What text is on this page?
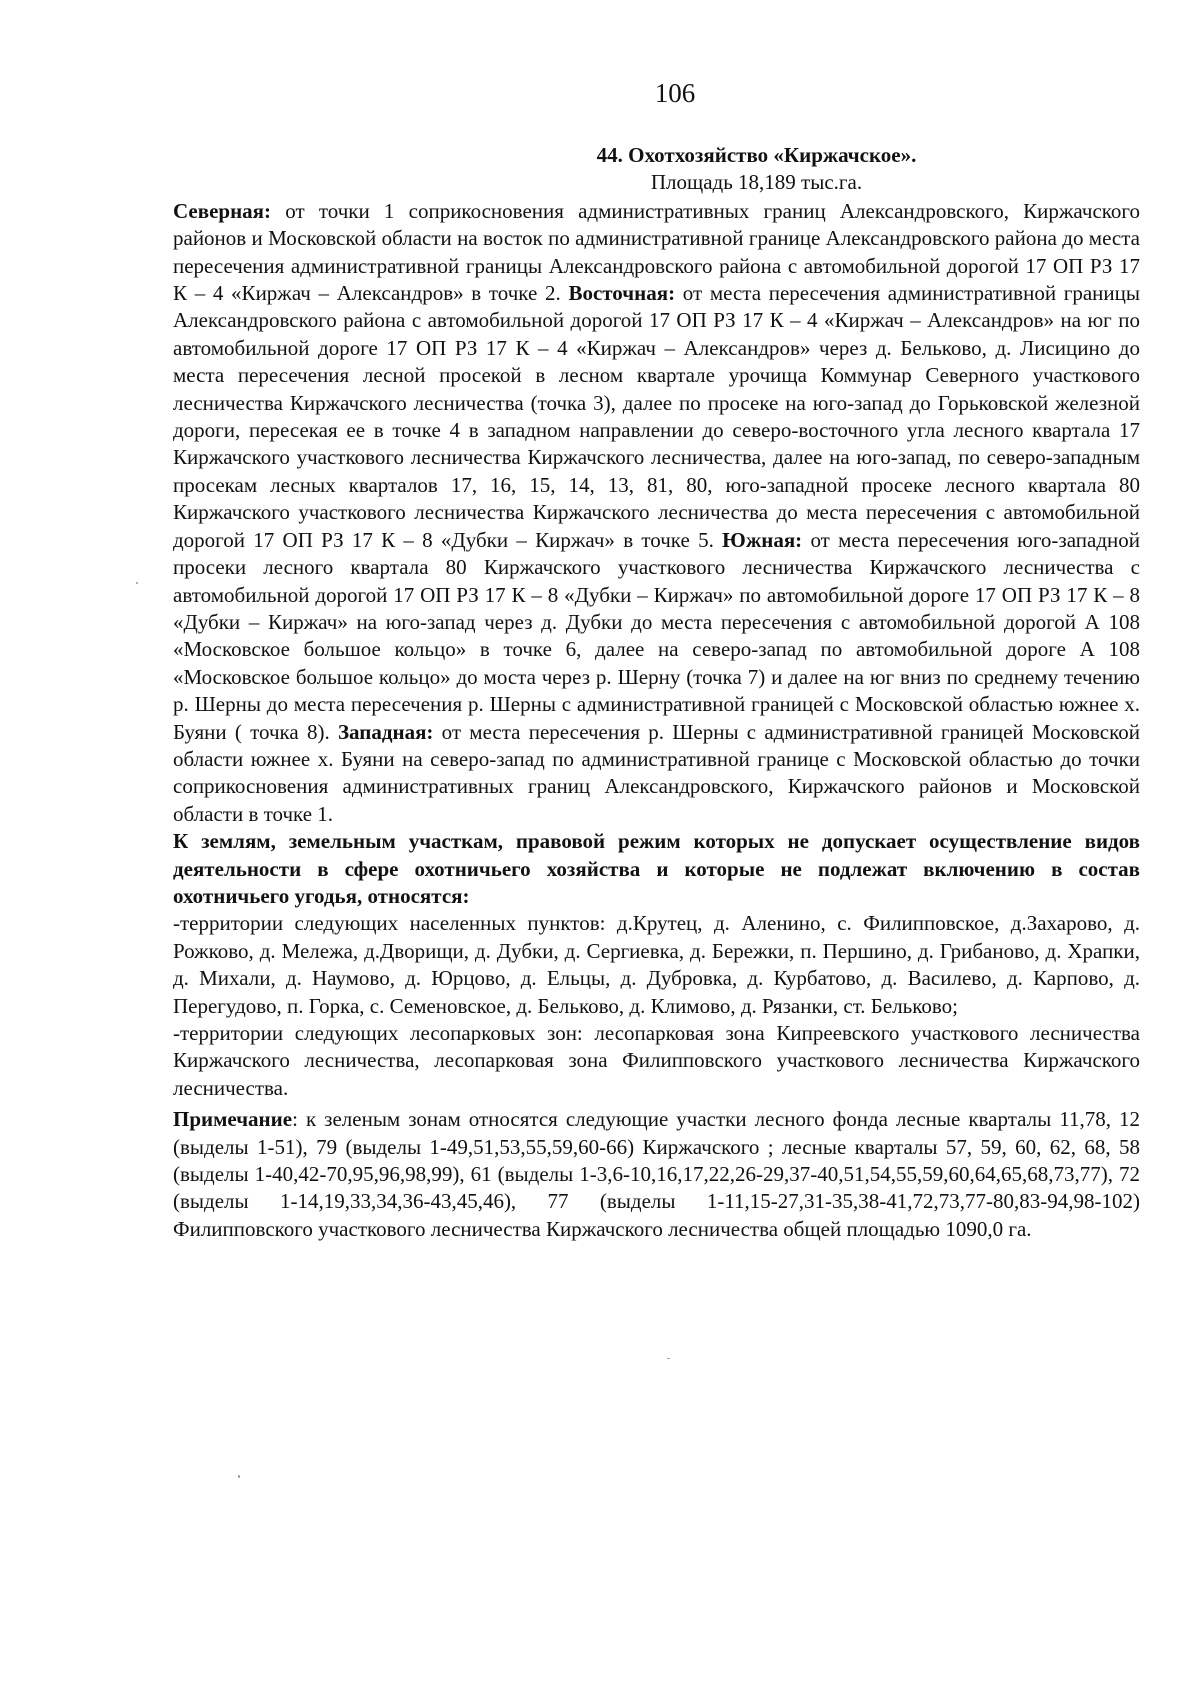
106

44. Охотхозяйство «Киржачское».

Площадь 18,189 тыс.га.

Северная: от точки 1 соприкосновения административных границ Александровского, Киржачского районов и Московской области на восток по административной границе Александровского района до места пересечения административной границы Александровского района с автомобильной дорогой 17 ОП РЗ 17 К – 4 «Киржач – Александров» в точке 2. Восточная: от места пересечения административной границы Александровского района с автомобильной дорогой 17 ОП РЗ 17 К – 4 «Киржач – Александров» на юг по автомобильной дороге 17 ОП РЗ 17 К – 4 «Киржач – Александров» через д. Бельково, д. Лисицино до места пересечения лесной просекой в лесном квартале урочища Коммунар Северного участкового лесничества Киржачского лесничества (точка 3), далее по просеке на юго-запад до Горьковской железной дороги, пересекая ее в точке 4 в западном направлении до северо-восточного угла лесного квартала 17 Киржачского участкового лесничества Киржачского лесничества, далее на юго-запад, по северо-западным просекам лесных кварталов 17, 16, 15, 14, 13, 81, 80, юго-западной просеке лесного квартала 80 Киржачского участкового лесничества Киржачского лесничества до места пересечения с автомобильной дорогой 17 ОП РЗ 17 К – 8 «Дубки – Киржач» в точке 5. Южная: от места пересечения юго-западной просеки лесного квартала 80 Киржачского участкового лесничества Киржачского лесничества с автомобильной дорогой 17 ОП РЗ 17 К – 8 «Дубки – Киржач» по автомобильной дороге 17 ОП РЗ 17 К – 8 «Дубки – Киржач» на юго-запад через д. Дубки до места пересечения с автомобильной дорогой А 108 «Московское большое кольцо» в точке 6, далее на северо-запад по автомобильной дороге А 108 «Московское большое кольцо» до моста через р. Шерну (точка 7) и далее на юг вниз по среднему течению р. Шерны до места пересечения р. Шерны с административной границей с Московской областью южнее х. Буяни ( точка 8). Западная: от места пересечения р. Шерны с административной границей Московской области южнее х. Буяни на северо-запад по административной границе с Московской областью до точки соприкосновения административных границ Александровского, Киржачского районов и Московской области в точке 1.

К землям, земельным участкам, правовой режим которых не допускает осуществление видов деятельности в сфере охотничьего хозяйства и которые не подлежат включению в состав охотничьего угодья, относятся:

-территории следующих населенных пунктов: д.Крутец, д. Аленино, с. Филипповское, д.Захарово, д. Рожково, д. Мележа, д.Дворищи, д. Дубки, д. Сергиевка, д. Бережки, п. Першино, д. Грибаново, д. Храпки, д. Михали, д. Наумово, д. Юрцово, д. Ельцы, д. Дубровка, д. Курбатово, д. Василево, д. Карпово, д. Перегудово, п. Горка, с. Семеновское, д. Бельково, д. Климово, д. Рязанки, ст. Бельково;

-территории следующих лесопарковых зон: лесопарковая зона Кипреевского участкового лесничества Киржачского лесничества, лесопарковая зона Филипповского участкового лесничества Киржачского лесничества.

Примечание: к зеленым зонам относятся следующие участки лесного фонда лесные кварталы 11,78, 12 (выделы 1-51), 79 (выделы 1-49,51,53,55,59,60-66) Киржачского ; лесные кварталы 57, 59, 60, 62, 68, 58 (выделы 1-40,42-70,95,96,98,99), 61 (выделы 1-3,6-10,16,17,22,26-29,37-40,51,54,55,59,60,64,65,68,73,77), 72 (выделы 1-14,19,33,34,36-43,45,46), 77 (выделы 1-11,15-27,31-35,38-41,72,73,77-80,83-94,98-102) Филипповского участкового лесничества Киржачского лесничества общей площадью 1090,0 га.
